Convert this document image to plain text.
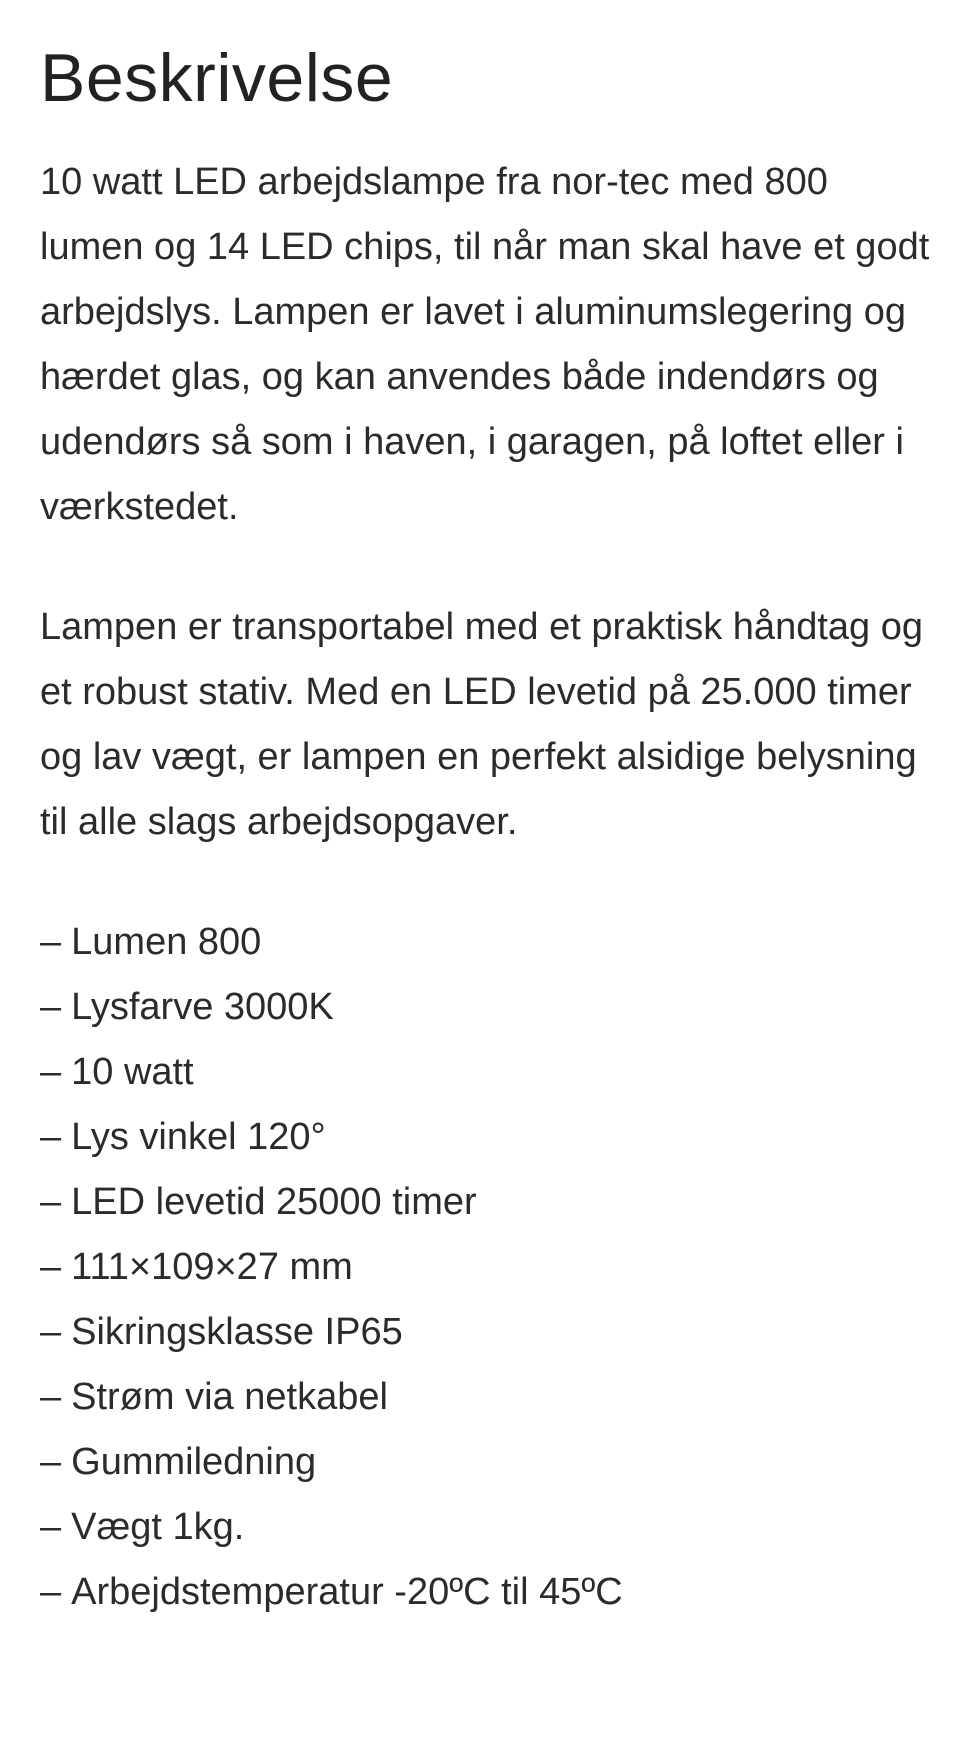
Beskrivelse

10 watt LED arbejdslampe fra nor-tec med 800 lumen og 14 LED chips, til når man skal have et godt arbejdslys. Lampen er lavet i aluminumslegering og hærdet glas, og kan anvendes både indendørs og udendørs så som i haven, i garagen, på loftet eller i værkstedet.

Lampen er transportabel med et praktisk håndtag og et robust stativ. Med en LED levetid på 25.000 timer og lav vægt, er lampen en perfekt alsidige belysning til alle slags arbejdsopgaver.

– Lumen 800
– Lysfarve 3000K
– 10 watt
– Lys vinkel 120°
– LED levetid 25000 timer
– 111×109×27 mm
– Sikringsklasse IP65
– Strøm via netkabel
– Gummiledning
– Vægt 1kg.
– Arbejdstemperatur -20ºC til 45ºC
